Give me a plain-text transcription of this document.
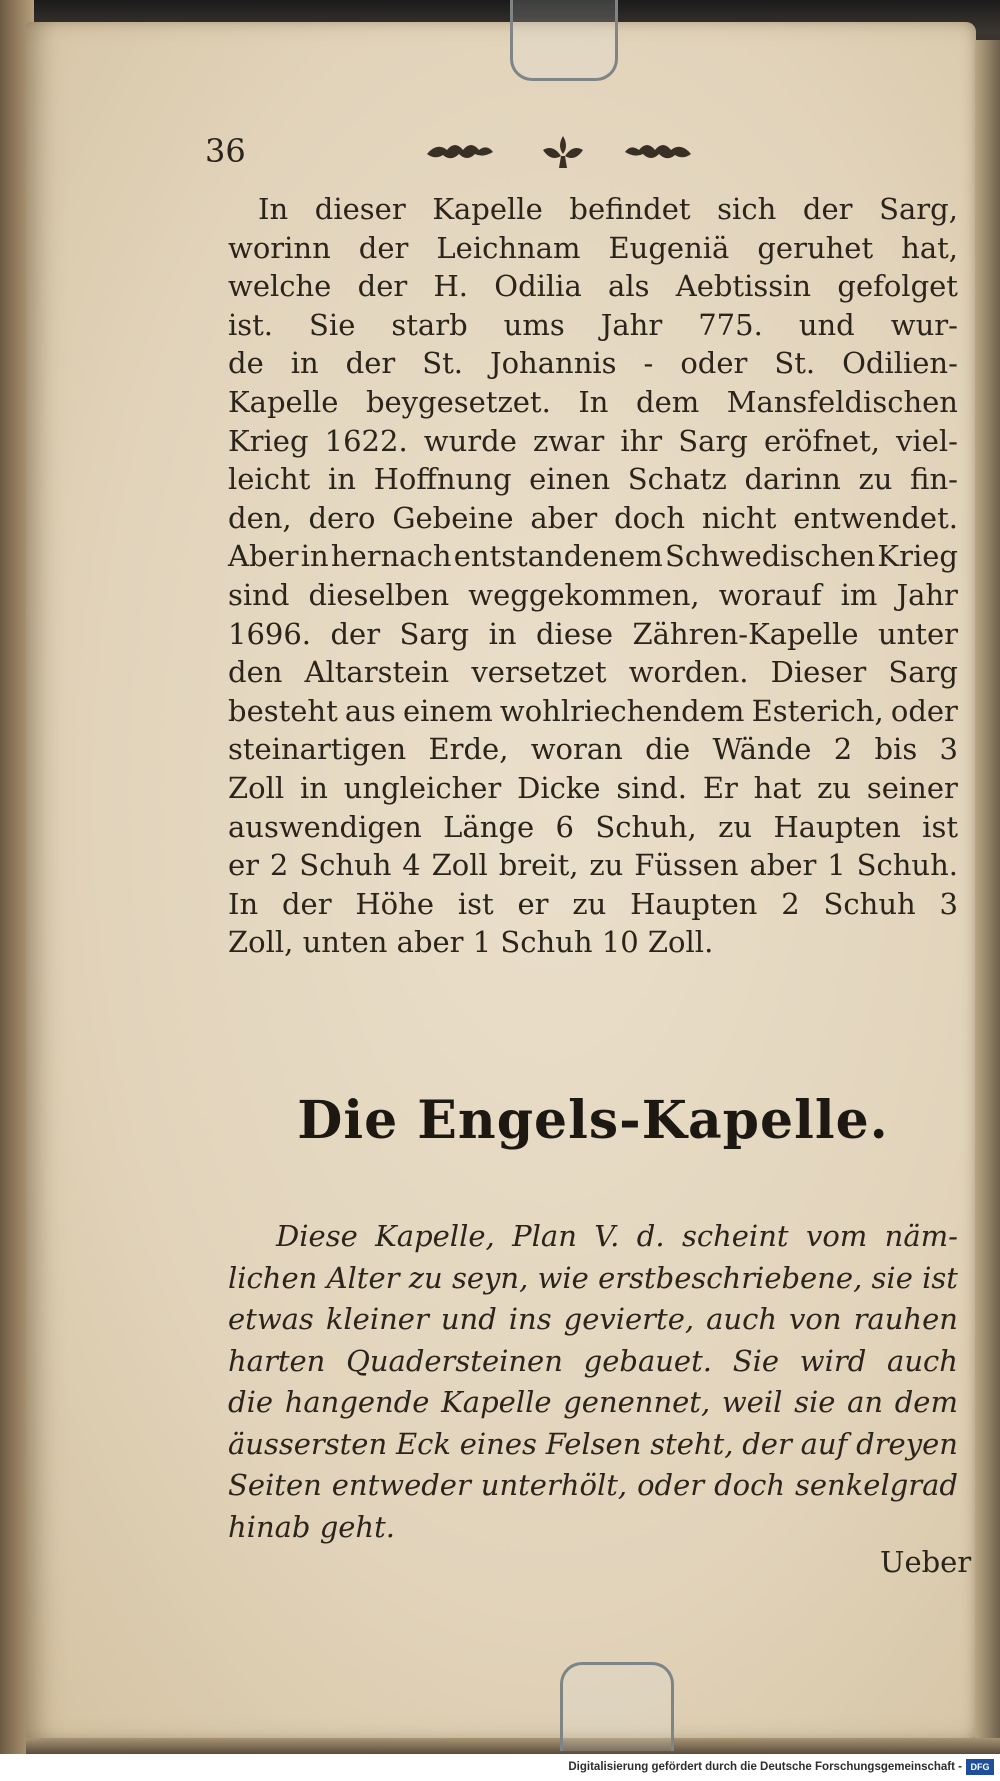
36
In dieser Kapelle befindet sich der Sarg,
worinn der Leichnam Eugeniä geruhet hat,
welche der H. Odilia als Aebtissin gefolget
ist. Sie starb ums Jahr 775. und wur-
de in der St. Johannis - oder St. Odilien-
Kapelle beygesetzet. In dem Mansfeldischen
Krieg 1622. wurde zwar ihr Sarg eröfnet, viel-
leicht in Hoffnung einen Schatz darinn zu fin-
den, dero Gebeine aber doch nicht entwendet.
Aber in hernach entstandenem Schwedischen Krieg
sind dieselben weggekommen, worauf im Jahr
1696. der Sarg in diese Zähren-Kapelle unter
den Altarstein versetzet worden. Dieser Sarg
besteht aus einem wohlriechendem Esterich, oder
steinartigen Erde, woran die Wände 2 bis 3
Zoll in ungleicher Dicke sind. Er hat zu seiner
auswendigen Länge 6 Schuh, zu Haupten ist
er 2 Schuh 4 Zoll breit, zu Füssen aber 1 Schuh.
In der Höhe ist er zu Haupten 2 Schuh 3
Zoll, unten aber 1 Schuh 10 Zoll.
Die Engels-Kapelle.
Diese Kapelle, Plan V. d. scheint vom näm-
lichen Alter zu seyn, wie erstbeschriebene, sie ist
etwas kleiner und ins gevierte, auch von rauhen
harten Quadersteinen gebauet. Sie wird auch
die hangende Kapelle genennet, weil sie an dem
äussersten Eck eines Felsen steht, der auf dreyen
Seiten entweder unterhölt, oder doch senkelgrad
hinab geht.
Ueber
Digitalisierung gefördert durch die Deutsche Forschungsgemeinschaft - DFG
